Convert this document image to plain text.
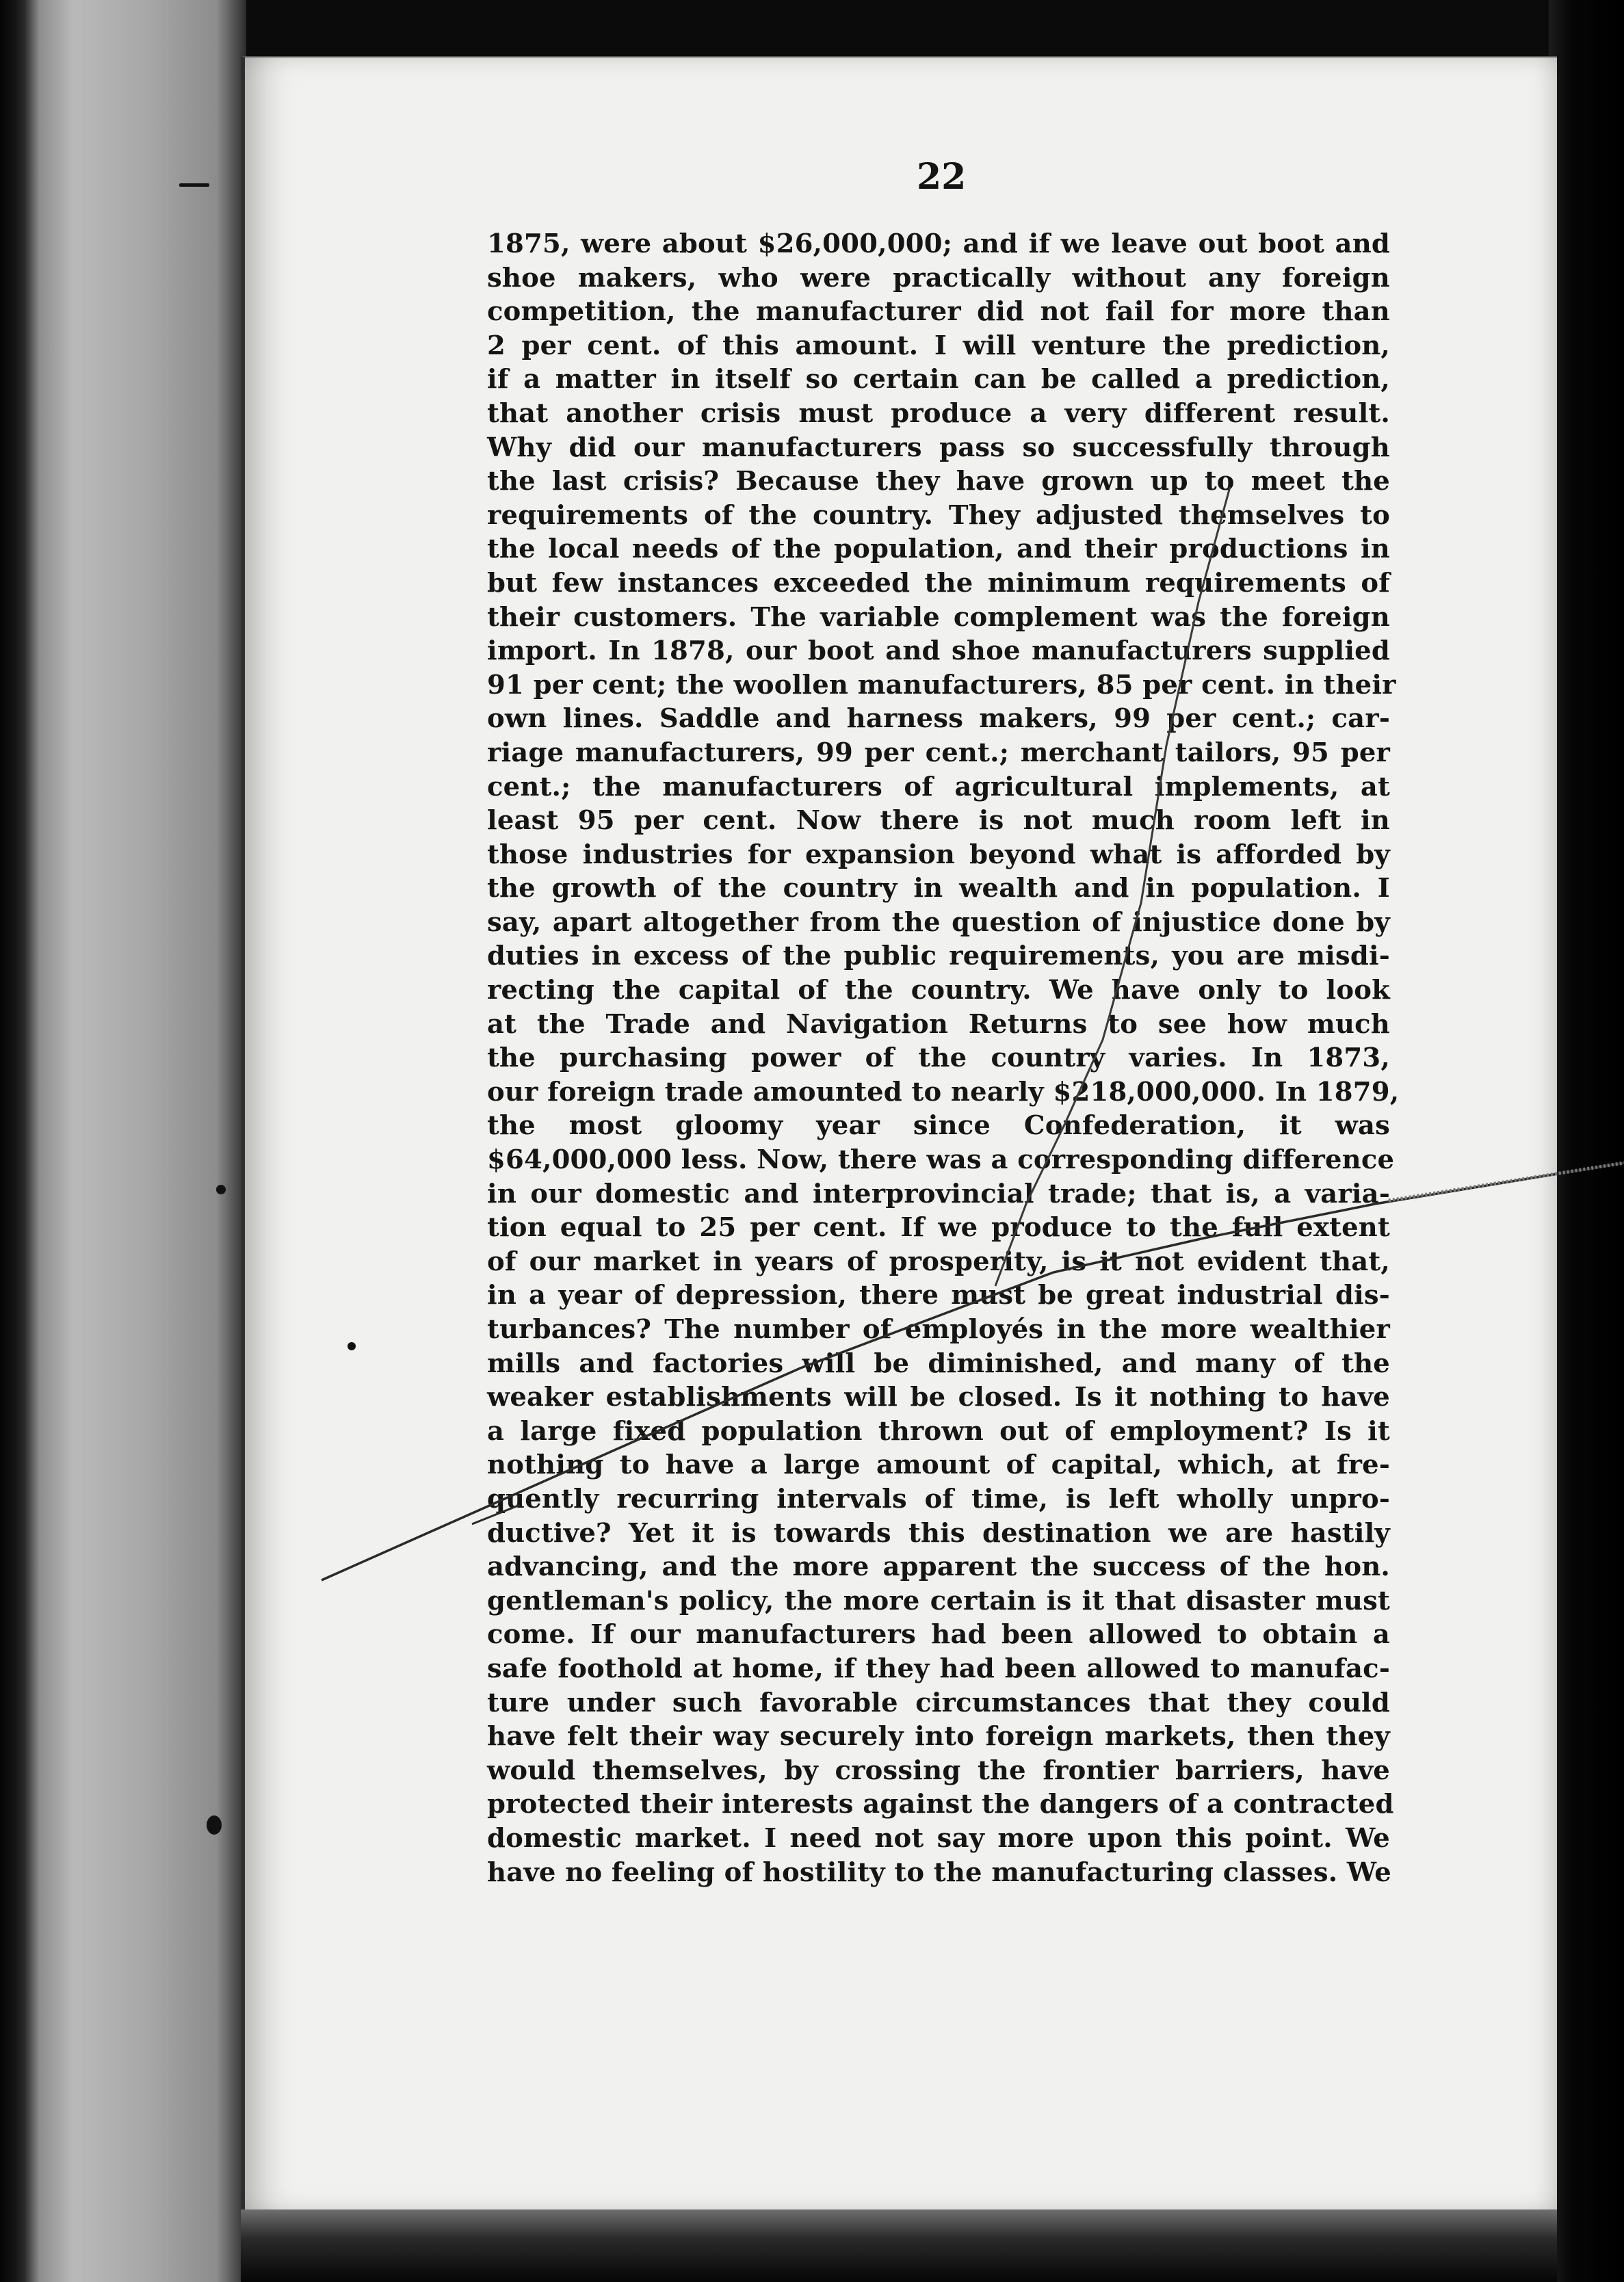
22
1875, were about $26,000,000; and if we leave out boot and
shoe makers, who were practically without any foreign
competition, the manufacturer did not fail for more than
2 per cent. of this amount. I will venture the prediction,
if a matter in itself so certain can be called a prediction,
that another crisis must produce a very different result.
Why did our manufacturers pass so successfully through
the last crisis? Because they have grown up to meet the
requirements of the country. They adjusted themselves to
the local needs of the population, and their productions in
but few instances exceeded the minimum requirements of
their customers. The variable complement was the foreign
import. In 1878, our boot and shoe manufacturers supplied
91 per cent; the woollen manufacturers, 85 per cent. in their
own lines. Saddle and harness makers, 99 per cent.; car-
riage manufacturers, 99 per cent.; merchant tailors, 95 per
cent.; the manufacturers of agricultural implements, at
least 95 per cent. Now there is not much room left in
those industries for expansion beyond what is afforded by
the growth of the country in wealth and in population. I
say, apart altogether from the question of injustice done by
duties in excess of the public requirements, you are misdi-
recting the capital of the country. We have only to look
at the Trade and Navigation Returns to see how much
the purchasing power of the country varies. In 1873,
our foreign trade amounted to nearly $218,000,000. In 1879,
the most gloomy year since Confederation, it was
$64,000,000 less. Now, there was a corresponding difference
in our domestic and interprovincial trade; that is, a varia-
tion equal to 25 per cent. If we produce to the full extent
of our market in years of prosperity, is it not evident that,
in a year of depression, there must be great industrial dis-
turbances? The number of employés in the more wealthier
mills and factories will be diminished, and many of the
weaker establishments will be closed. Is it nothing to have
a large fixed population thrown out of employment? Is it
nothing to have a large amount of capital, which, at fre-
quently recurring intervals of time, is left wholly unpro-
ductive? Yet it is towards this destination we are hastily
advancing, and the more apparent the success of the hon.
gentleman's policy, the more certain is it that disaster must
come. If our manufacturers had been allowed to obtain a
safe foothold at home, if they had been allowed to manufac-
ture under such favorable circumstances that they could
have felt their way securely into foreign markets, then they
would themselves, by crossing the frontier barriers, have
protected their interests against the dangers of a contracted
domestic market. I need not say more upon this point. We
have no feeling of hostility to the manufacturing classes. We
